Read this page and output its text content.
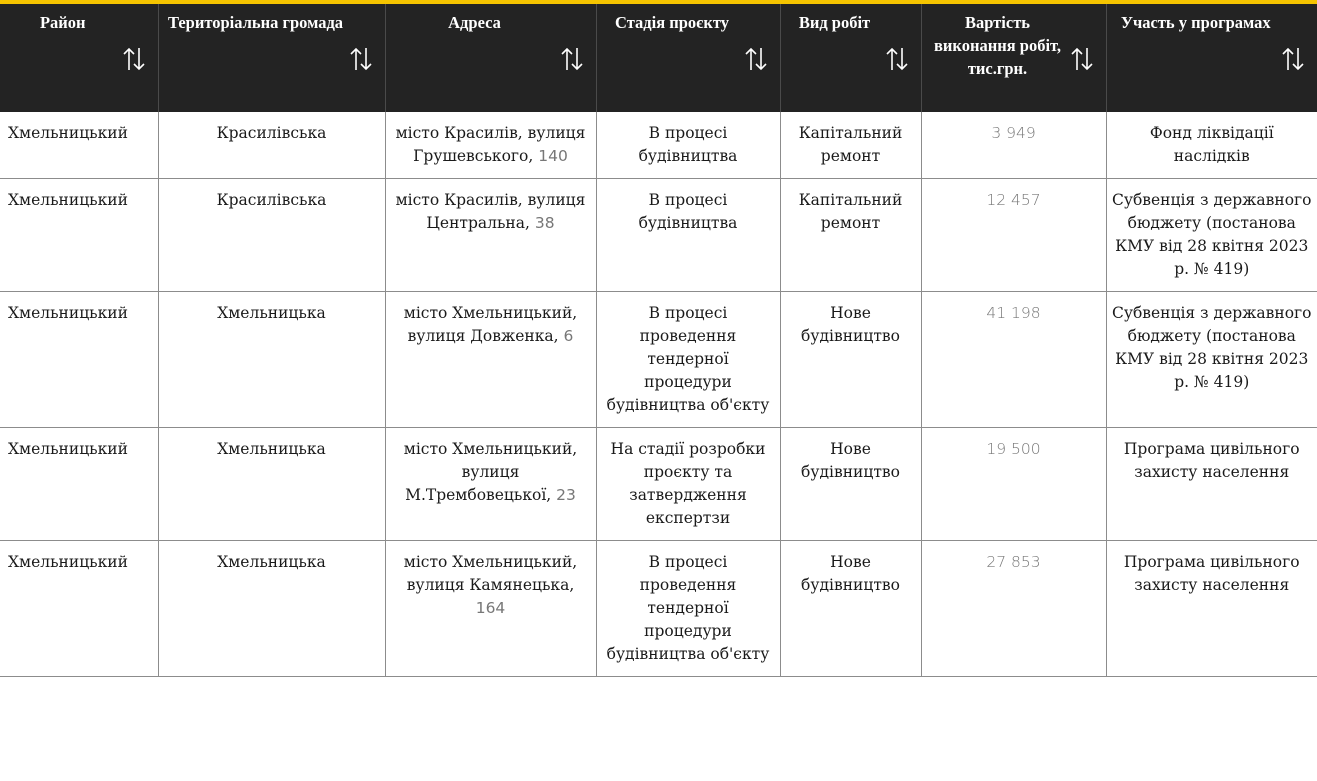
Район	Територіальна громада	Адреса	Стадія проєкту	Вид робіт	Вартість виконання робіт, тис.грн.	Участь у програмах

Хмельницький	Красилівська	місто Красилів, вулиця Грушевського, 140	В процесі будівництва	Капітальний ремонт	3 949	Фонд ліквідації наслідків
Хмельницький	Красилівська	місто Красилів, вулиця Центральна, 38	В процесі будівництва	Капітальний ремонт	12 457	Субвенція з державного бюджету (постанова КМУ від 28 квітня 2023 р. № 419)
Хмельницький	Хмельницька	місто Хмельницький, вулиця Довженка, 6	В процесі проведення тендерної процедури будівництва об'єкту	Нове будівництво	41 198	Субвенція з державного бюджету (постанова КМУ від 28 квітня 2023 р. № 419)
Хмельницький	Хмельницька	місто Хмельницький, вулиця М.Трембовецької, 23	На стадії розробки проєкту та затвердження експертзи	Нове будівництво	19 500	Програма цивільного захисту населення
Хмельницький	Хмельницька	місто Хмельницький, вулиця Камянецька, 164	В процесі проведення тендерної процедури будівництва об'єкту	Нове будівництво	27 853	Програма цивільного захисту населення
